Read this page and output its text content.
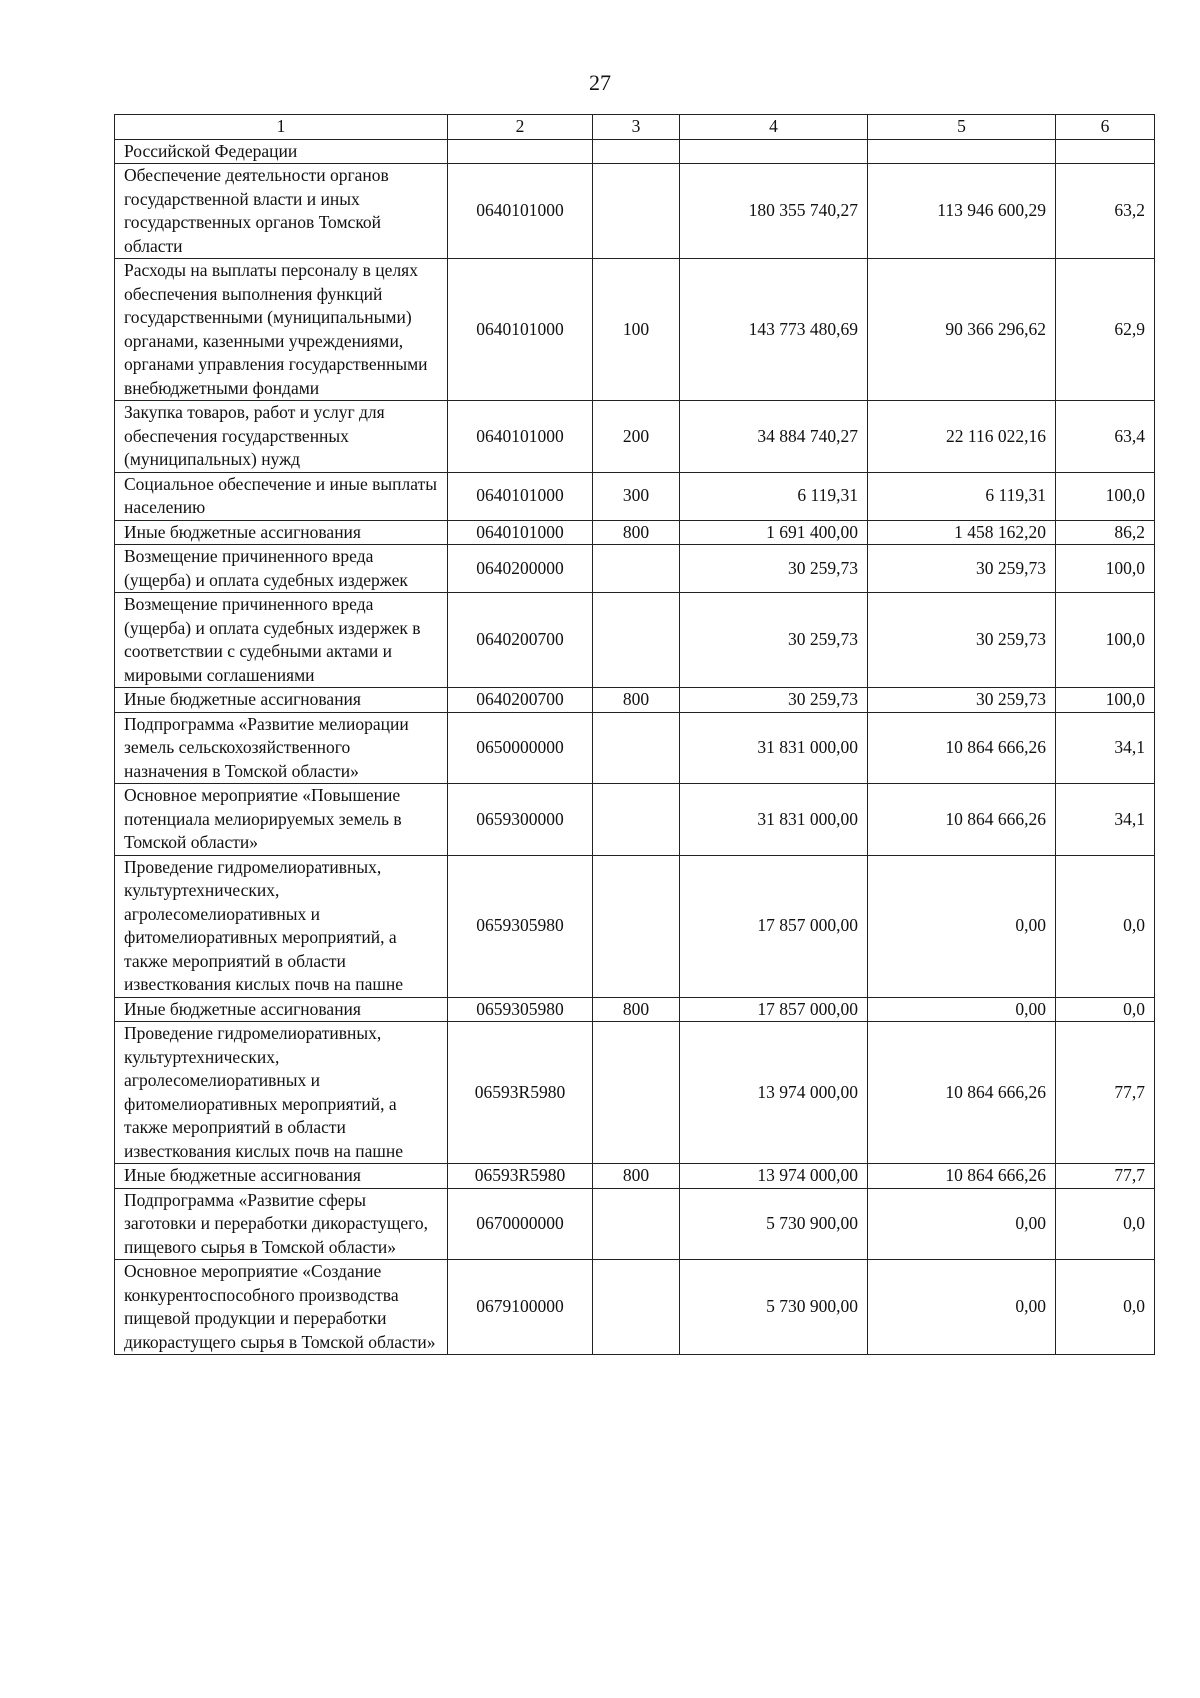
27
1	2	3	4	5	6
Российской Федерации					
Обеспечение деятельности органов государственной власти и иных государственных органов Томской области	0640101000		180 355 740,27	113 946 600,29	63,2
Расходы на выплаты персоналу в целях обеспечения выполнения функций государственными (муниципальными) органами, казенными учреждениями, органами управления государственными внебюджетными фондами	0640101000	100	143 773 480,69	90 366 296,62	62,9
Закупка товаров, работ и услуг для обеспечения государственных (муниципальных) нужд	0640101000	200	34 884 740,27	22 116 022,16	63,4
Социальное обеспечение и иные выплаты населению	0640101000	300	6 119,31	6 119,31	100,0
Иные бюджетные ассигнования	0640101000	800	1 691 400,00	1 458 162,20	86,2
Возмещение причиненного вреда (ущерба) и оплата судебных издержек	0640200000		30 259,73	30 259,73	100,0
Возмещение причиненного вреда (ущерба) и оплата судебных издержек в соответствии с судебными актами и мировыми соглашениями	0640200700		30 259,73	30 259,73	100,0
Иные бюджетные ассигнования	0640200700	800	30 259,73	30 259,73	100,0
Подпрограмма «Развитие мелиорации земель сельскохозяйственного назначения в Томской области»	0650000000		31 831 000,00	10 864 666,26	34,1
Основное мероприятие «Повышение потенциала мелиорируемых земель в Томской области»	0659300000		31 831 000,00	10 864 666,26	34,1
Проведение гидромелиоративных, культуртехнических, агролесомелиоративных и фитомелиоративных мероприятий, а также мероприятий в области известкования кислых почв на пашне	0659305980		17 857 000,00	0,00	0,0
Иные бюджетные ассигнования	0659305980	800	17 857 000,00	0,00	0,0
Проведение гидромелиоративных, культуртехнических, агролесомелиоративных и фитомелиоративных мероприятий, а также мероприятий в области известкования кислых почв на пашне	06593R5980		13 974 000,00	10 864 666,26	77,7
Иные бюджетные ассигнования	06593R5980	800	13 974 000,00	10 864 666,26	77,7
Подпрограмма «Развитие сферы заготовки и переработки дикорастущего, пищевого сырья в Томской области»	0670000000		5 730 900,00	0,00	0,0
Основное мероприятие «Создание конкурентоспособного производства пищевой продукции и переработки дикорастущего сырья в Томской области»	0679100000		5 730 900,00	0,00	0,0
